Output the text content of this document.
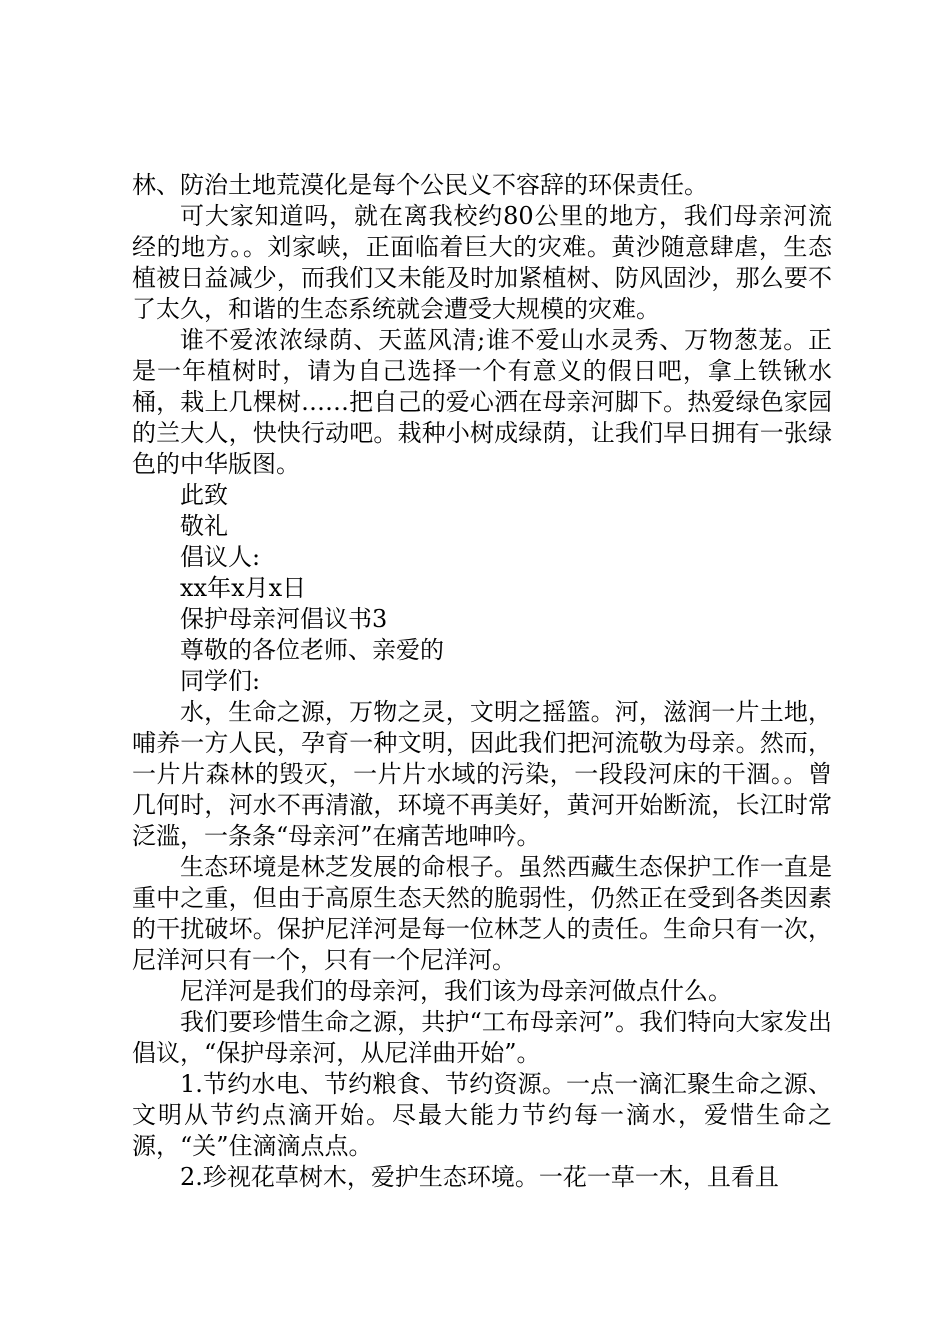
林、防治土地荒漠化是每个公民义不容辞的环保责任。

可大家知道吗，就在离我校约80公里的地方，我们母亲河流经的地方。。刘家峡，正面临着巨大的灾难。黄沙随意肆虐，生态植被日益减少，而我们又未能及时加紧植树、防风固沙，那么要不了太久，和谐的生态系统就会遭受大规模的灾难。

谁不爱浓浓绿荫、天蓝风清;谁不爱山水灵秀、万物葱茏。正是一年植树时，请为自己选择一个有意义的假日吧，拿上铁锹水桶，栽上几棵树……把自己的爱心洒在母亲河脚下。热爱绿色家园的兰大人，快快行动吧。栽种小树成绿荫，让我们早日拥有一张绿色的中华版图。

此致

敬礼

倡议人:

xx年x月x日

保护母亲河倡议书3

尊敬的各位老师、亲爱的

同学们:

水，生命之源，万物之灵，文明之摇篮。河，滋润一片土地，哺养一方人民，孕育一种文明，因此我们把河流敬为母亲。然而，一片片森林的毁灭，一片片水域的污染，一段段河床的干涸。。曾几何时，河水不再清澈，环境不再美好，黄河开始断流，长江时常泛滥，一条条“母亲河”在痛苦地呻吟。

生态环境是林芝发展的命根子。虽然西藏生态保护工作一直是重中之重，但由于高原生态天然的脆弱性，仍然正在受到各类因素的干扰破坏。保护尼洋河是每一位林芝人的责任。生命只有一次，尼洋河只有一个，只有一个尼洋河。

尼洋河是我们的母亲河，我们该为母亲河做点什么。

我们要珍惜生命之源，共护“工布母亲河”。我们特向大家发出倡议，“保护母亲河，从尼洋曲开始”。

1.节约水电、节约粮食、节约资源。一点一滴汇聚生命之源、文明从节约点滴开始。尽最大能力节约每一滴水，爱惜生命之源，“关”住滴滴点点。

2.珍视花草树木，爱护生态环境。一花一草一木，且看且
